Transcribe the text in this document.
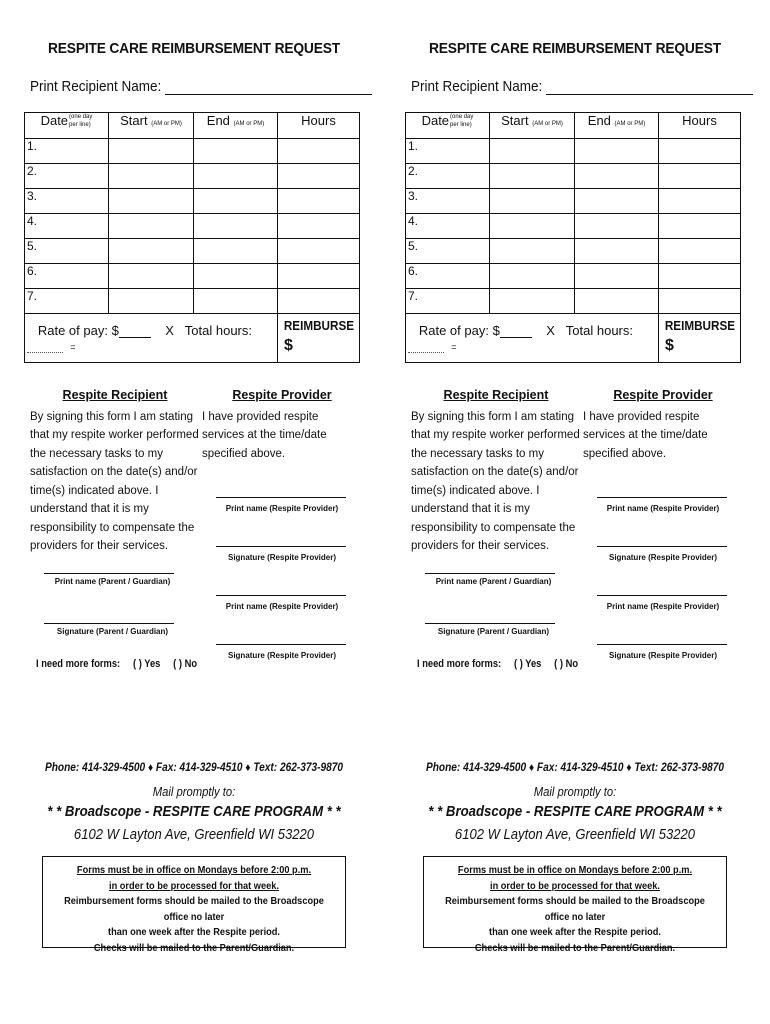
RESPITE CARE REIMBURSEMENT REQUEST
Print Recipient Name:
Date(one day
per line)	Start (AM or PM)	End (AM or PM)	Hours
1.			
2.			
3.			
4.			
5.			
6.			
7.			
Rate of pay: $ X Total hours:    =			REIMBURSE
$
Respite Recipient
By signing this form I am stating that my respite worker performed the necessary tasks to my satisfaction on the date(s) and/or time(s) indicated above. I understand that it is my responsibility to compensate the providers for their services.
Print name (Parent / Guardian)
Signature (Parent / Guardian)
Respite Provider
I have provided respite services at the time/date specified above.
Print name (Respite Provider)
Signature (Respite Provider)
Print name (Respite Provider)
Signature (Respite Provider)
I need more forms: ( ) Yes ( ) No
Phone: 414-329-4500 ♦ Fax: 414-329-4510 ♦ Text: 262-373-9870
Mail promptly to:
* * Broadscope - RESPITE CARE PROGRAM * *
6102 W Layton Ave, Greenfield WI 53220
Forms must be in office on Mondays before 2:00 p.m.
in order to be processed for that week.
Reimbursement forms should be mailed to the Broadscope office no later
than one week after the Respite period.
Checks will be mailed to the Parent/Guardian.
RESPITE CARE REIMBURSEMENT REQUEST
Print Recipient Name:
Date(one day
per line)	Start (AM or PM)	End (AM or PM)	Hours
1.			
2.			
3.			
4.			
5.			
6.			
7.			
Rate of pay: $ X Total hours:    =			REIMBURSE
$
Respite Recipient
By signing this form I am stating that my respite worker performed the necessary tasks to my satisfaction on the date(s) and/or time(s) indicated above. I understand that it is my responsibility to compensate the providers for their services.
Print name (Parent / Guardian)
Signature (Parent / Guardian)
Respite Provider
I have provided respite services at the time/date specified above.
Print name (Respite Provider)
Signature (Respite Provider)
Print name (Respite Provider)
Signature (Respite Provider)
I need more forms: ( ) Yes ( ) No
Phone: 414-329-4500 ♦ Fax: 414-329-4510 ♦ Text: 262-373-9870
Mail promptly to:
* * Broadscope - RESPITE CARE PROGRAM * *
6102 W Layton Ave, Greenfield WI 53220
Forms must be in office on Mondays before 2:00 p.m.
in order to be processed for that week.
Reimbursement forms should be mailed to the Broadscope office no later
than one week after the Respite period.
Checks will be mailed to the Parent/Guardian.
